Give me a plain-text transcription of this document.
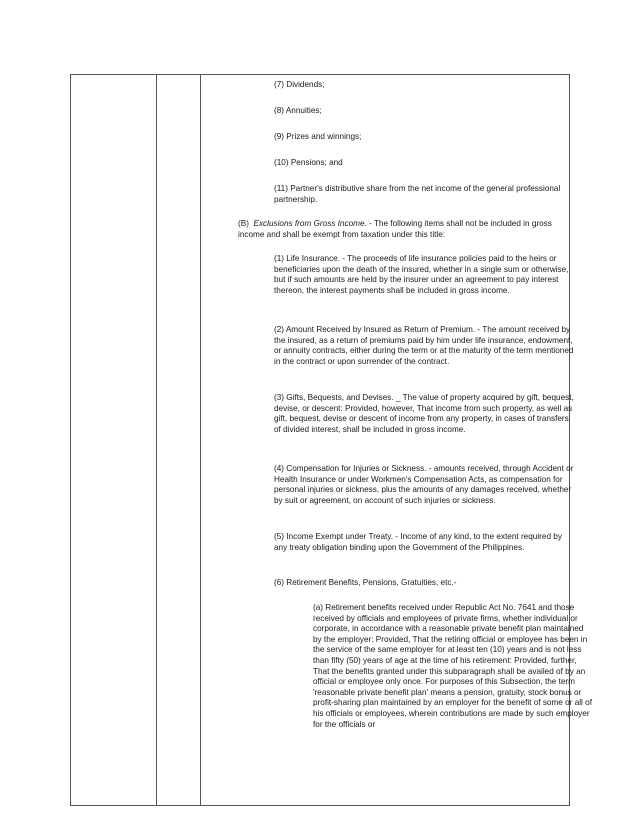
(7) Dividends;

(8) Annuities;

(9) Prizes and winnings;

(10) Pensions; and

(11) Partner's distributive share from the net income of the general professional partnership.

(B) Exclusions from Gross Income. - The following items shall not be included in gross income and shall be exempt from taxation under this title:

(1) Life Insurance. - The proceeds of life insurance policies paid to the heirs or beneficiaries upon the death of the insured, whether in a single sum or otherwise, but if such amounts are held by the insurer under an agreement to pay interest thereon, the interest payments shall be included in gross income.

(2) Amount Received by Insured as Return of Premium. - The amount received by the insured, as a return of premiums paid by him under life insurance, endowment, or annuity contracts, either during the term or at the maturity of the term mentioned in the contract or upon surrender of the contract.

(3) Gifts, Bequests, and Devises. _ The value of property acquired by gift, bequest, devise, or descent: Provided, however, That income from such property, as well as gift, bequest, devise or descent of income from any property, in cases of transfers of divided interest, shall be included in gross income.

(4) Compensation for Injuries or Sickness. - amounts received, through Accident or Health Insurance or under Workmen's Compensation Acts, as compensation for personal injuries or sickness, plus the amounts of any damages received, whether by suit or agreement, on account of such injuries or sickness.

(5) Income Exempt under Treaty. - Income of any kind, to the extent required by any treaty obligation binding upon the Government of the Philippines.

(6) Retirement Benefits, Pensions, Gratuities, etc.-

(a) Retirement benefits received under Republic Act No. 7641 and those received by officials and employees of private firms, whether individual or corporate, in accordance with a reasonable private benefit plan maintained by the employer: Provided, That the retiring official or employee has been in the service of the same employer for at least ten (10) years and is not less than fifty (50) years of age at the time of his retirement: Provided, further, That the benefits granted under this subparagraph shall be availed of by an official or employee only once. For purposes of this Subsection, the term 'reasonable private benefit plan' means a pension, gratuity, stock bonus or profit-sharing plan maintained by an employer for the benefit of some or all of his officials or employees, wherein contributions are made by such employer for the officials or
